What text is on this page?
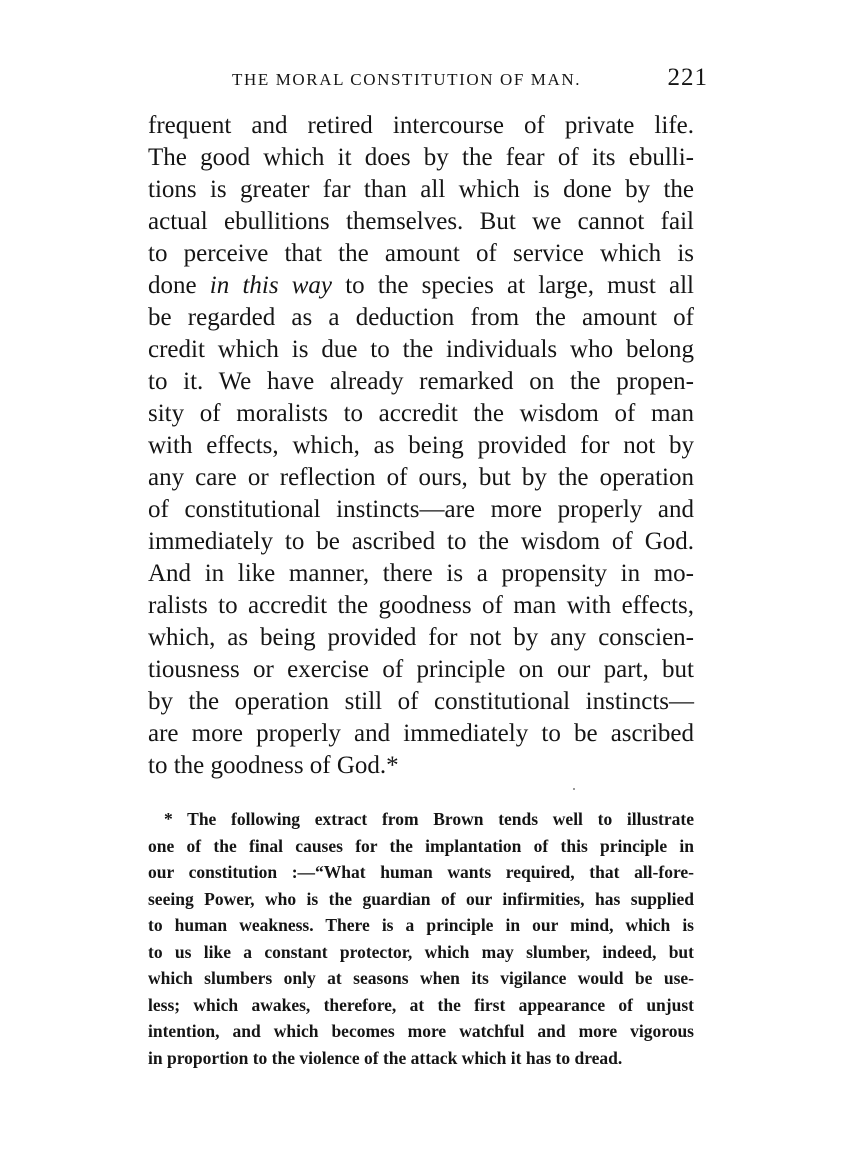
THE MORAL CONSTITUTION OF MAN.	221
frequent and retired intercourse of private life.
The good which it does by the fear of its ebulli-
tions is greater far than all which is done by the
actual ebullitions themselves. But we cannot fail
to perceive that the amount of service which is
done in this way to the species at large, must all
be regarded as a deduction from the amount of
credit which is due to the individuals who belong
to it. We have already remarked on the propen-
sity of moralists to accredit the wisdom of man
with effects, which, as being provided for not by
any care or reflection of ours, but by the operation
of constitutional instincts—are more properly and
immediately to be ascribed to the wisdom of God.
And in like manner, there is a propensity in mo-
ralists to accredit the goodness of man with effects,
which, as being provided for not by any conscien-
tiousness or exercise of principle on our part, but
by the operation still of constitutional instincts—
are more properly and immediately to be ascribed
to the goodness of God.*
* The following extract from Brown tends well to illustrate
one of the final causes for the implantation of this principle in
our constitution :—“What human wants required, that all-fore-
seeing Power, who is the guardian of our infirmities, has supplied
to human weakness. There is a principle in our mind, which is
to us like a constant protector, which may slumber, indeed, but
which slumbers only at seasons when its vigilance would be use-
less; which awakes, therefore, at the first appearance of unjust
intention, and which becomes more watchful and more vigorous
in proportion to the violence of the attack which it has to dread.
